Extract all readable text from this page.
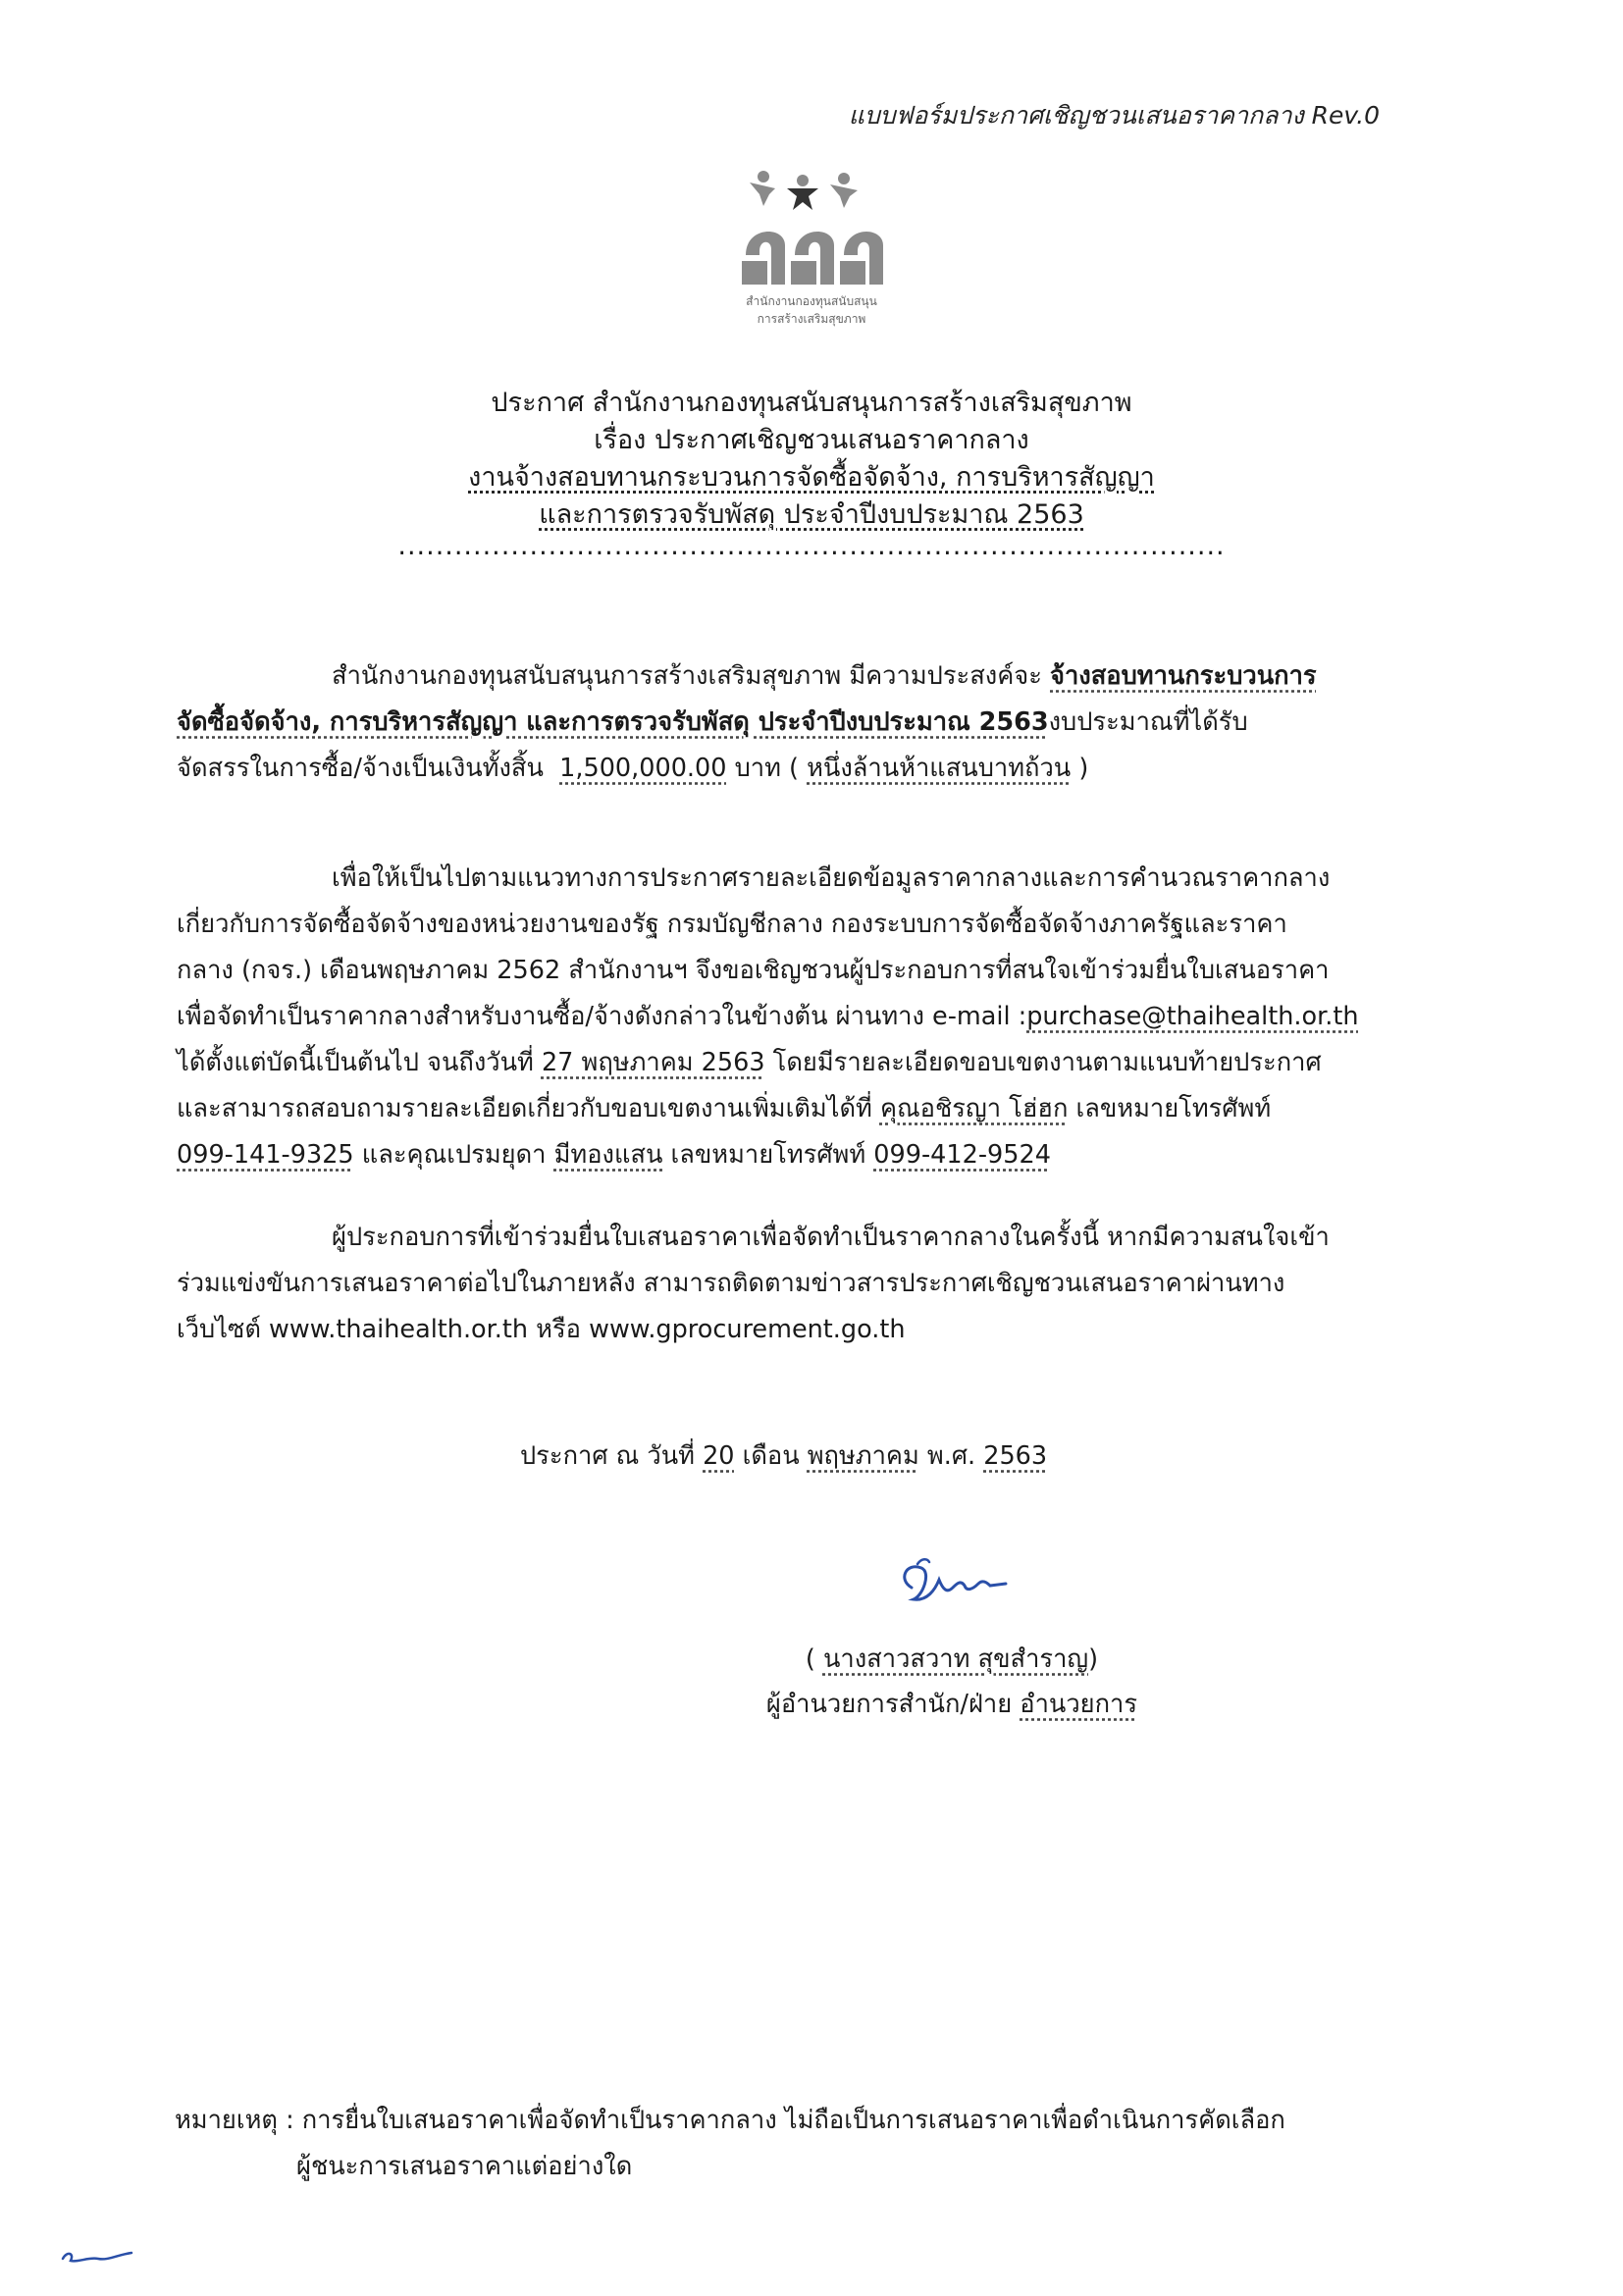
แบบฟอร์มประกาศเชิญชวนเสนอราคากลาง Rev.0
สำนักงานกองทุนสนับสนุน
การสร้างเสริมสุขภาพ
ประกาศ สำนักงานกองทุนสนับสนุนการสร้างเสริมสุขภาพ
เรื่อง ประกาศเชิญชวนเสนอราคากลาง
งานจ้างสอบทานกระบวนการจัดซื้อจัดจ้าง, การบริหารสัญญา
และการตรวจรับพัสดุ ประจำปีงบประมาณ 2563
........................................................................................

สำนักงานกองทุนสนับสนุนการสร้างเสริมสุขภาพ มีความประสงค์จะ จ้างสอบทานกระบวนการ

จัดซื้อจัดจ้าง, การบริหารสัญญา และการตรวจรับพัสดุ ประจำปีงบประมาณ 2563งบประมาณที่ได้รับ

จัดสรรในการซื้อ/จ้างเป็นเงินทั้งสิ้น 1,500,000.00 บาท ( หนึ่งล้านห้าแสนบาทถ้วน )

เพื่อให้เป็นไปตามแนวทางการประกาศรายละเอียดข้อมูลราคากลางและการคำนวณราคากลาง

เกี่ยวกับการจัดซื้อจัดจ้างของหน่วยงานของรัฐ กรมบัญชีกลาง กองระบบการจัดซื้อจัดจ้างภาครัฐและราคา

กลาง (กจร.) เดือนพฤษภาคม 2562 สำนักงานฯ จึงขอเชิญชวนผู้ประกอบการที่สนใจเข้าร่วมยื่นใบเสนอราคา

เพื่อจัดทำเป็นราคากลางสำหรับงานซื้อ/จ้างดังกล่าวในข้างต้น ผ่านทาง e-mail :purchase@thaihealth.or.th

ได้ตั้งแต่บัดนี้เป็นต้นไป จนถึงวันที่ 27 พฤษภาคม 2563 โดยมีรายละเอียดขอบเขตงานตามแนบท้ายประกาศ

และสามารถสอบถามรายละเอียดเกี่ยวกับขอบเขตงานเพิ่มเติมได้ที่ คุณอชิรญา โฮ่ฮก เลขหมายโทรศัพท์

099-141-9325 และคุณเปรมยุดา มีทองแสน เลขหมายโทรศัพท์ 099-412-9524

ผู้ประกอบการที่เข้าร่วมยื่นใบเสนอราคาเพื่อจัดทำเป็นราคากลางในครั้งนี้ หากมีความสนใจเข้า

ร่วมแข่งขันการเสนอราคาต่อไปในภายหลัง สามารถติดตามข่าวสารประกาศเชิญชวนเสนอราคาผ่านทาง

เว็บไซต์ www.thaihealth.or.th หรือ www.gprocurement.go.th

ประกาศ ณ วันที่ 20 เดือน พฤษภาคม พ.ศ. 2563
( นางสาวสวาท สุขสำราญ)
ผู้อำนวยการสำนัก/ฝ่าย อำนวยการ
หมายเหตุ : การยื่นใบเสนอราคาเพื่อจัดทำเป็นราคากลาง ไม่ถือเป็นการเสนอราคาเพื่อดำเนินการคัดเลือก
ผู้ชนะการเสนอราคาแต่อย่างใด
